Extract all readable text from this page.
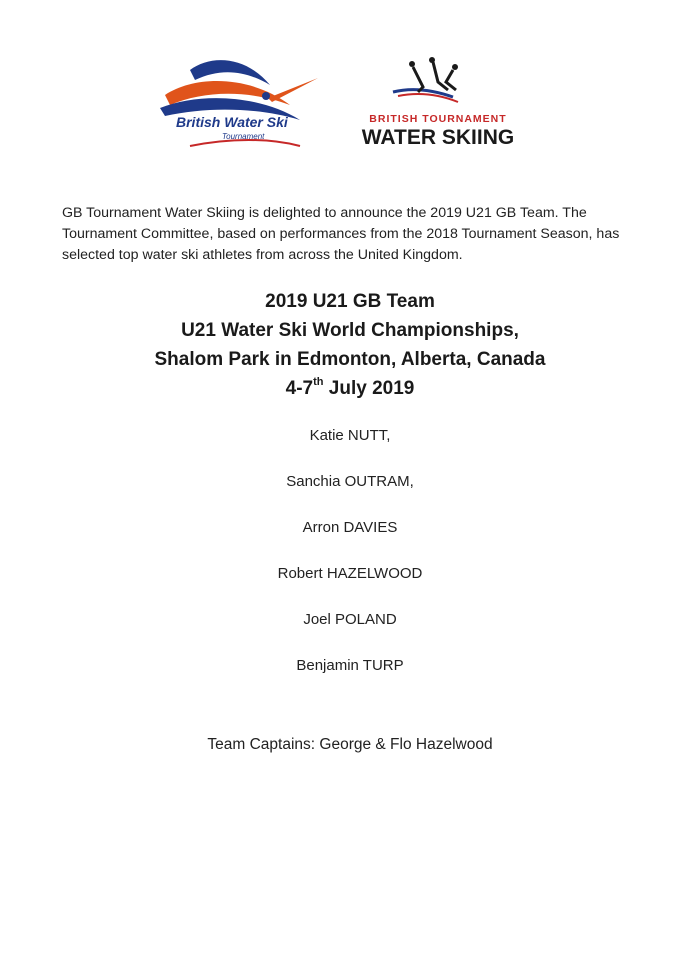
British Water Ski
Tournament
BRITISH TOURNAMENT
WATER SKIING

GB Tournament Water Skiing is delighted to announce the 2019 U21 GB Team. The Tournament Committee, based on performances from the 2018 Tournament Season, has selected top water ski athletes from across the United Kingdom.

2019 U21 GB Team
U21 Water Ski World Championships,
Shalom Park in Edmonton, Alberta, Canada
4-7th July 2019
Katie NUTT,
Sanchia OUTRAM,
Arron DAVIES
Robert HAZELWOOD
Joel POLAND
Benjamin TURP
Team Captains: George & Flo Hazelwood
